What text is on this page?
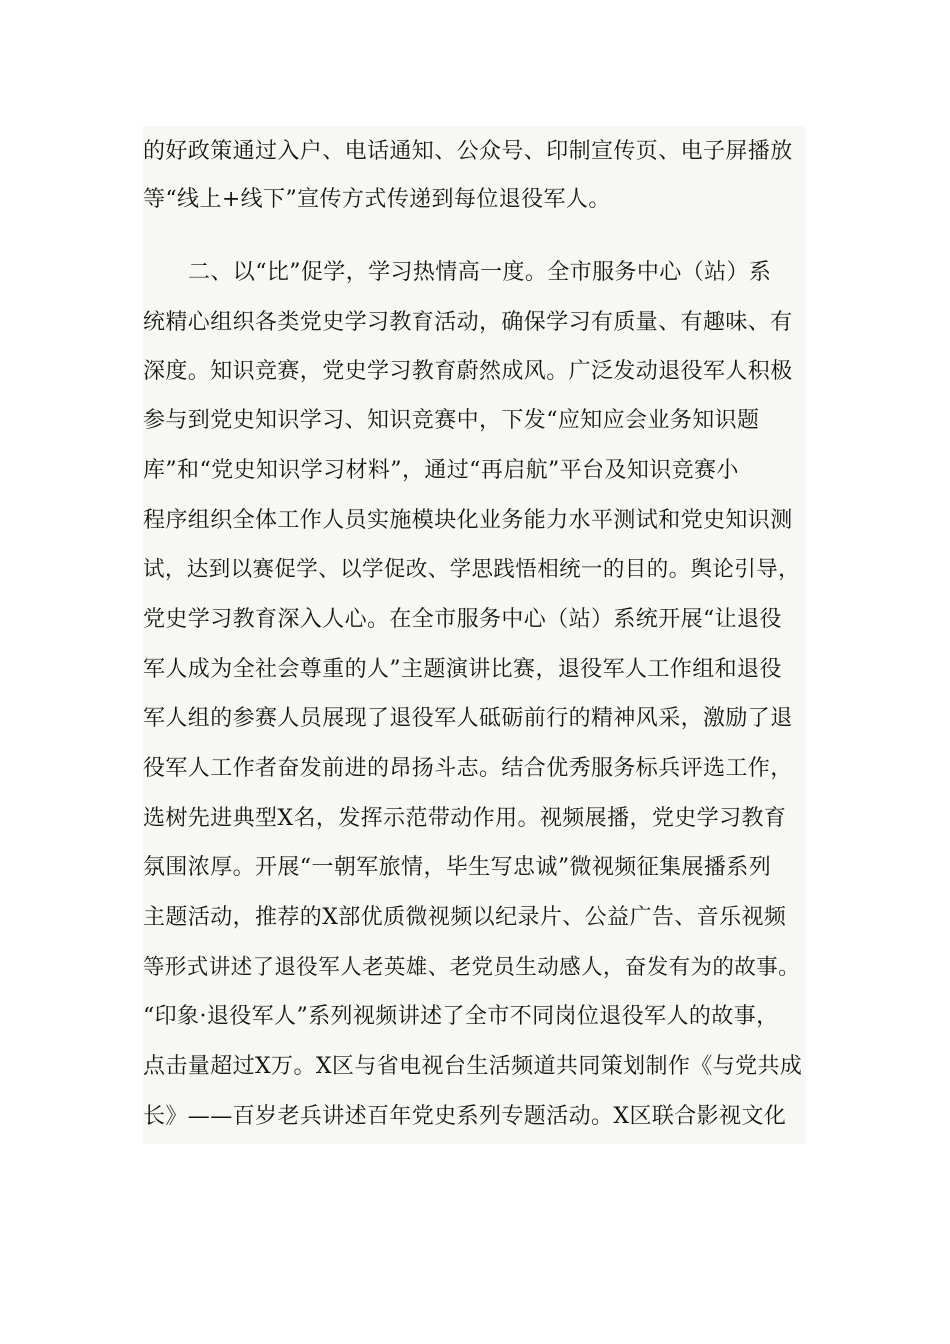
的好政策通过入户、电话通知、公众号、印制宣传页、电子屏播放
等“线上+线下”宣传方式传递到每位退役军人。
二、以“比”促学，学习热情高一度。全市服务中心（站）系
统精心组织各类党史学习教育活动，确保学习有质量、有趣味、有
深度。知识竞赛，党史学习教育蔚然成风。广泛发动退役军人积极
参与到党史知识学习、知识竞赛中，下发“应知应会业务知识题
库”和“党史知识学习材料”，通过“再启航”平台及知识竞赛小
程序组织全体工作人员实施模块化业务能力水平测试和党史知识测
试，达到以赛促学、以学促改、学思践悟相统一的目的。舆论引导，
党史学习教育深入人心。在全市服务中心（站）系统开展“让退役
军人成为全社会尊重的人”主题演讲比赛，退役军人工作组和退役
军人组的参赛人员展现了退役军人砥砺前行的精神风采，激励了退
役军人工作者奋发前进的昂扬斗志。结合优秀服务标兵评选工作，
选树先进典型X名，发挥示范带动作用。视频展播，党史学习教育
氛围浓厚。开展“一朝军旅情，毕生写忠诚”微视频征集展播系列
主题活动，推荐的X部优质微视频以纪录片、公益广告、音乐视频
等形式讲述了退役军人老英雄、老党员生动感人，奋发有为的故事。
“印象·退役军人”系列视频讲述了全市不同岗位退役军人的故事，
点击量超过X万。X区与省电视台生活频道共同策划制作《与党共成
长》——百岁老兵讲述百年党史系列专题活动。X区联合影视文化
